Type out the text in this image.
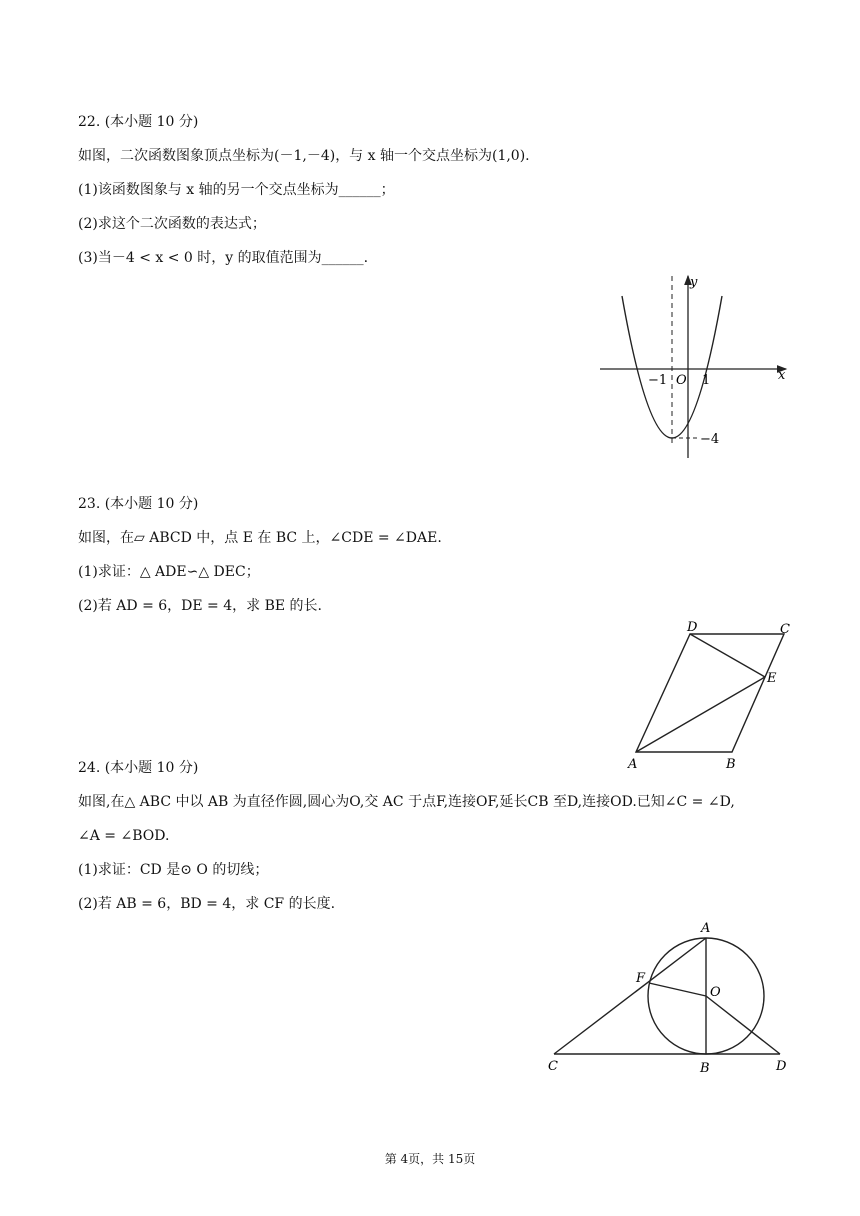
22. (本小题 10 分)
如图，二次函数图象顶点坐标为(－1,－4)，与 x 轴一个交点坐标为(1,0).
(1)该函数图象与 x 轴的另一个交点坐标为______；
(2)求这个二次函数的表达式；
(3)当－4 < x < 0 时，y 的取值范围为______.
y
x
−1 O 1
−4
23. (本小题 10 分)
如图，在▱ ABCD 中，点 E 在 BC 上，∠CDE = ∠DAE.
(1)求证：△ ADE∽△ DEC；
(2)若 AD = 6，DE = 4，求 BE 的长.
A	B
C
D
E
24. (本小题 10 分)
如图,在△ ABC 中以 AB 为直径作圆,圆心为O,交 AC 于点F,连接OF,延长CB 至D,连接OD.已知∠C = ∠D,
∠A = ∠BOD.
(1)求证：CD 是⊙ O 的切线；
(2)若 AB = 6，BD = 4，求 CF 的长度.
A
B
C	D
F
O
第 4页，共 15页
